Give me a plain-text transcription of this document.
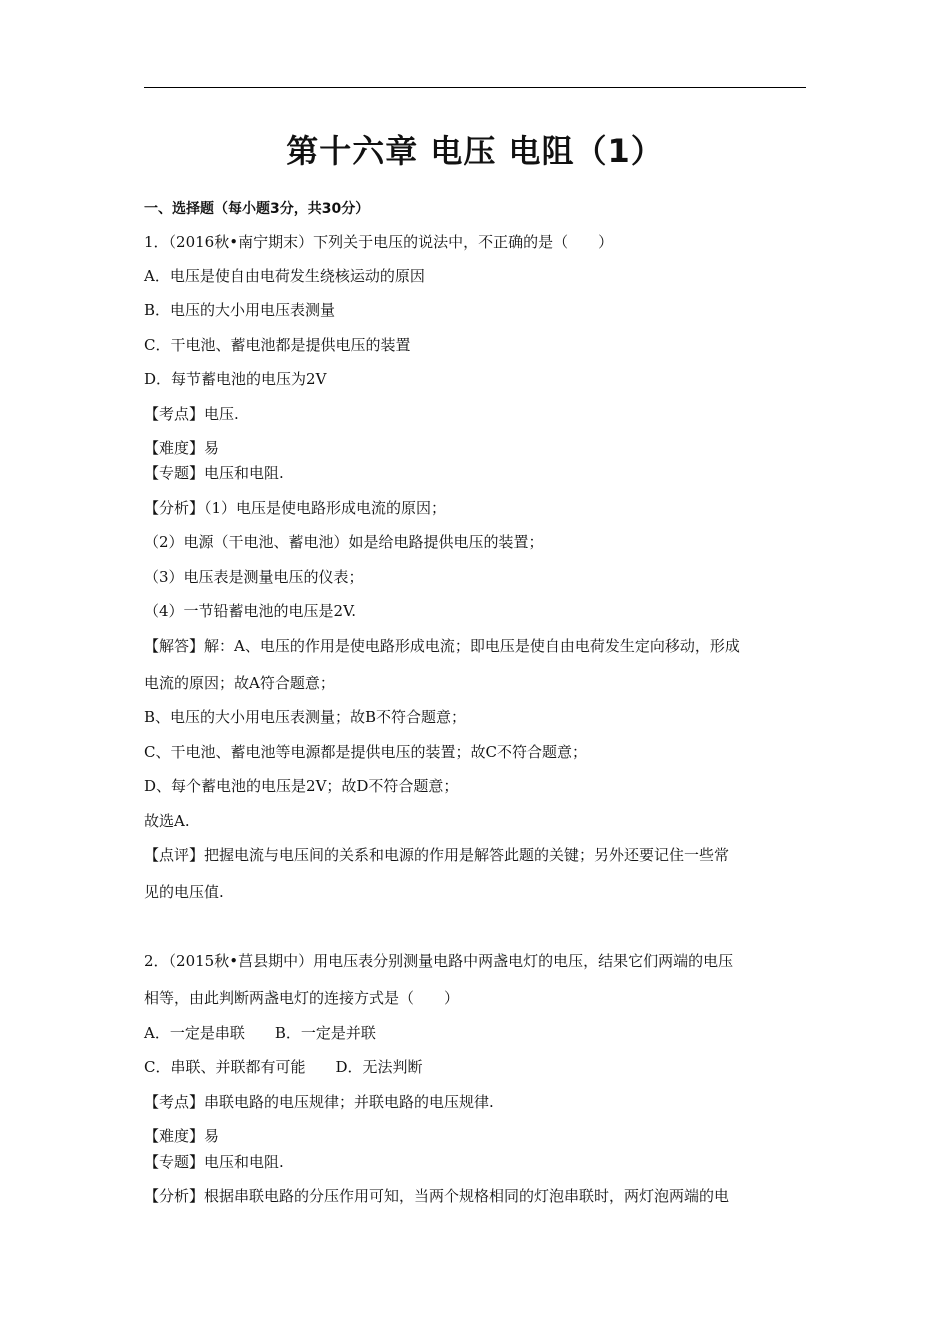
第十六章 电压 电阻（1）
一、选择题（每小题3分，共30分）
1．（2016秋•南宁期末）下列关于电压的说法中，不正确的是（　　）
A．电压是使自由电荷发生绕核运动的原因
B．电压的大小用电压表测量
C．干电池、蓄电池都是提供电压的装置
D．每节蓄电池的电压为2V
【考点】电压.
【难度】易
【专题】电压和电阻.
【分析】（1）电压是使电路形成电流的原因；
（2）电源（干电池、蓄电池）如是给电路提供电压的装置；
（3）电压表是测量电压的仪表；
（4）一节铅蓄电池的电压是2V.
【解答】解：A、电压的作用是使电路形成电流；即电压是使自由电荷发生定向移动，形成
电流的原因；故A符合题意；
B、电压的大小用电压表测量；故B不符合题意；
C、干电池、蓄电池等电源都是提供电压的装置；故C不符合题意；
D、每个蓄电池的电压是2V；故D不符合题意；
故选A.
【点评】把握电流与电压间的关系和电源的作用是解答此题的关键；另外还要记住一些常
见的电压值.
2．（2015秋•莒县期中）用电压表分别测量电路中两盏电灯的电压，结果它们两端的电压
相等，由此判断两盏电灯的连接方式是（　　）
A．一定是串联　　B．一定是并联
C．串联、并联都有可能　　D．无法判断
【考点】串联电路的电压规律；并联电路的电压规律.
【难度】易
【专题】电压和电阻.
【分析】根据串联电路的分压作用可知，当两个规格相同的灯泡串联时，两灯泡两端的电
